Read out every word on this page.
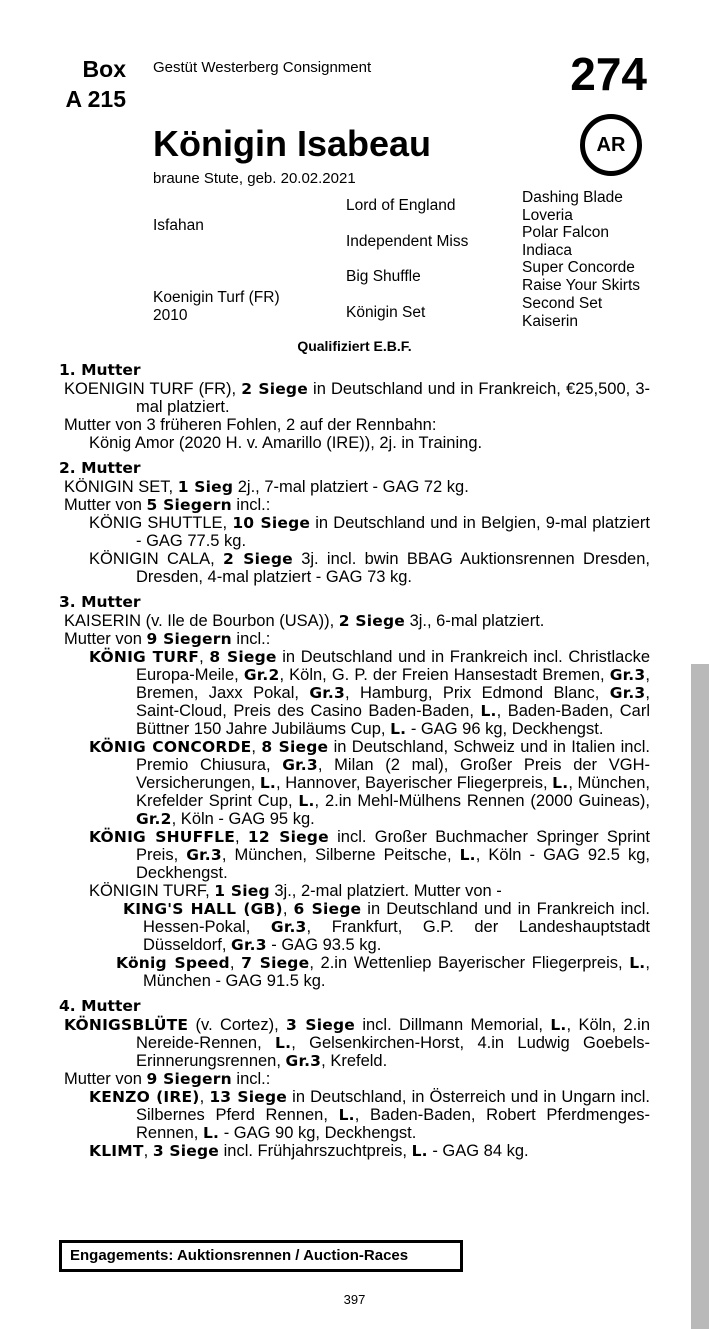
Box
A 215
Gestüt Westerberg Consignment	274
Königin Isabeau	AR
braune Stute, geb. 20.02.2021
Isfahan
Koenigin Turf (FR)
2010
Lord of England
Independent Miss
Big Shuffle
Königin Set
Dashing Blade
Loveria
Polar Falcon
Indiaca
Super Concorde
Raise Your Skirts
Second Set
Kaiserin
Qualifiziert E.B.F.
1. Mutter
KOENIGIN TURF (FR), 2 Siege in Deutschland und in Frankreich, €25,500, 3-mal platziert.
Mutter von 3 früheren Fohlen, 2 auf der Rennbahn:
König Amor (2020 H. v. Amarillo (IRE)), 2j. in Training.
2. Mutter
KÖNIGIN SET, 1 Sieg 2j., 7-mal platziert - GAG 72 kg.
Mutter von 5 Siegern incl.:
KÖNIG SHUTTLE, 10 Siege in Deutschland und in Belgien, 9-mal platziert - GAG 77.5 kg.
KÖNIGIN CALA, 2 Siege 3j. incl. bwin BBAG Auktionsrennen Dresden, Dresden, 4-mal platziert - GAG 73 kg.
3. Mutter
KAISERIN (v. Ile de Bourbon (USA)), 2 Siege 3j., 6-mal platziert.
Mutter von 9 Siegern incl.:
KÖNIG TURF, 8 Siege in Deutschland und in Frankreich incl. Christlacke Europa-Meile, Gr.2, Köln, G. P. der Freien Hansestadt Bremen, Gr.3, Bremen, Jaxx Pokal, Gr.3, Hamburg, Prix Edmond Blanc, Gr.3, Saint-Cloud, Preis des Casino Baden-Baden, L., Baden-Baden, Carl Büttner 150 Jahre Jubiläums Cup, L. - GAG 96 kg, Deckhengst.
KÖNIG CONCORDE, 8 Siege in Deutschland, Schweiz und in Italien incl. Premio Chiusura, Gr.3, Milan (2 mal), Großer Preis der VGH-Versicherungen, L., Hannover, Bayerischer Fliegerpreis, L., München, Krefelder Sprint Cup, L., 2.in Mehl-Mülhens Rennen (2000 Guineas), Gr.2, Köln - GAG 95 kg.
KÖNIG SHUFFLE, 12 Siege incl. Großer Buchmacher Springer Sprint Preis, Gr.3, München, Silberne Peitsche, L., Köln - GAG 92.5 kg, Deckhengst.
KÖNIGIN TURF, 1 Sieg 3j., 2-mal platziert. Mutter von -
KING'S HALL (GB), 6 Siege in Deutschland und in Frankreich incl. Hessen-Pokal, Gr.3, Frankfurt, G.P. der Landeshauptstadt Düsseldorf, Gr.3 - GAG 93.5 kg.
König Speed, 7 Siege, 2.in Wettenliep Bayerischer Fliegerpreis, L., München - GAG 91.5 kg.
4. Mutter
KÖNIGSBLÜTE (v. Cortez), 3 Siege incl. Dillmann Memorial, L., Köln, 2.in Nereide-Rennen, L., Gelsenkirchen-Horst, 4.in Ludwig Goebels-Erinnerungsrennen, Gr.3, Krefeld.
Mutter von 9 Siegern incl.:
KENZO (IRE), 13 Siege in Deutschland, in Österreich und in Ungarn incl. Silbernes Pferd Rennen, L., Baden-Baden, Robert Pferdmenges-Rennen, L. - GAG 90 kg, Deckhengst.
KLIMT, 3 Siege incl. Frühjahrszuchtpreis, L. - GAG 84 kg.
Engagements: Auktionsrennen / Auction-Races
397
